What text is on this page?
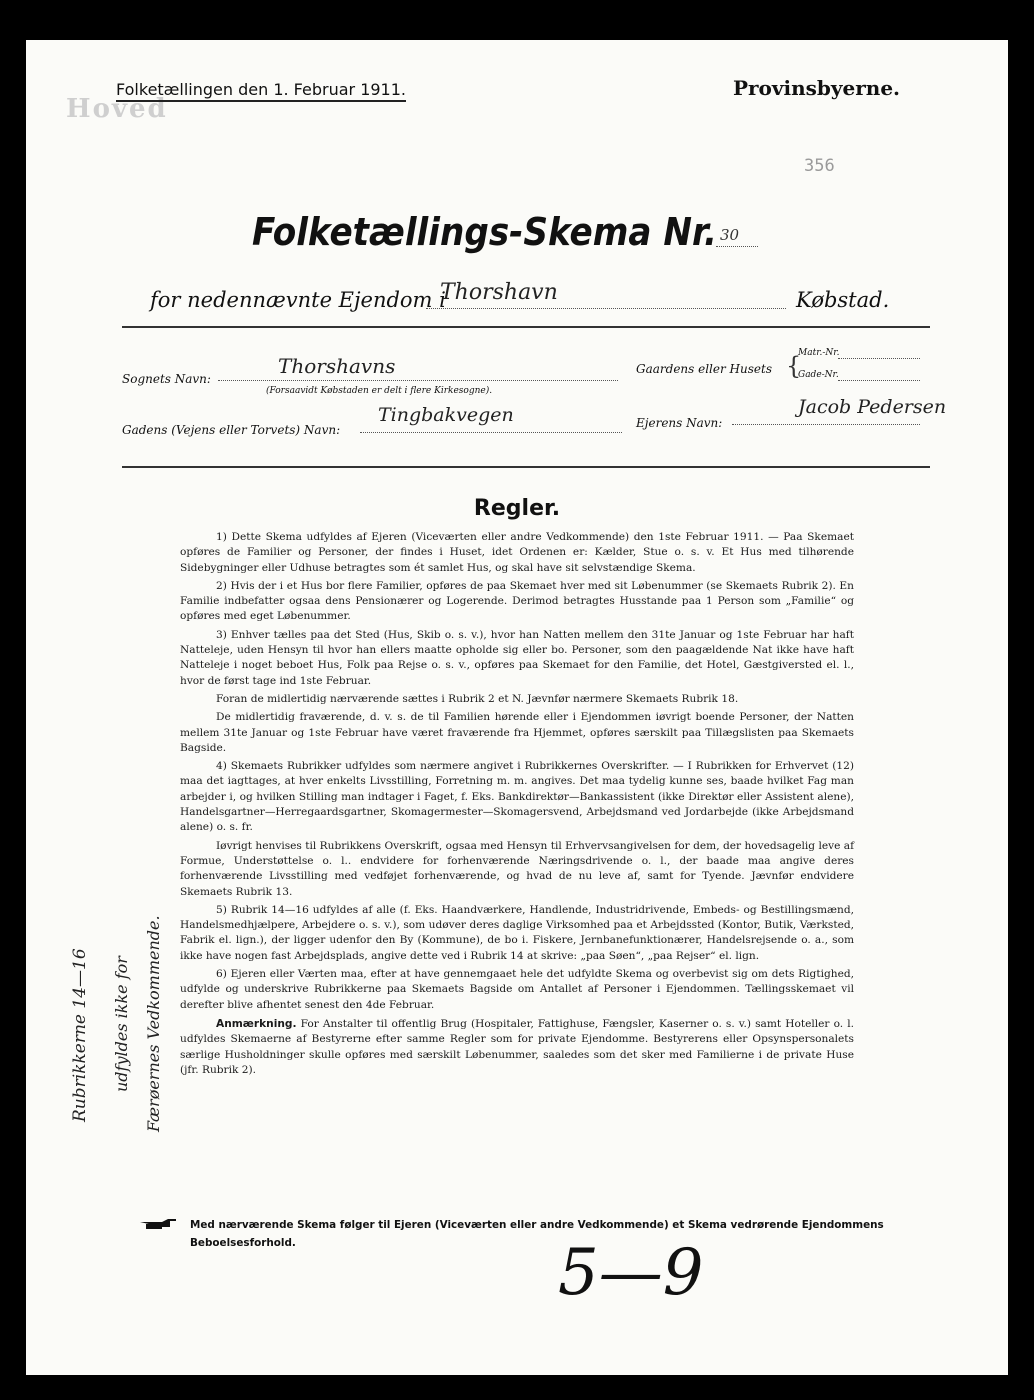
Hoved
Folketællingen den 1. Februar 1911.	Provinsbyerne.
356
Folketællings-Skema Nr. 30
for nedennævnte Ejendom i
Thorshavn	Købstad.
Sognets Navn:
Thorshavns
(Forsaavidt Købstaden er delt i flere Kirkesogne).
Gaardens eller Husets {
Matr.-Nr.
Gade-Nr.
Gadens (Vejens eller Torvets) Navn:
Tingbakvegen	Ejerens Navn:
Jacob Pedersen
Regler.

1) Dette Skema udfyldes af Ejeren (Viceværten eller andre Vedkommende) den 1ste Februar 1911. — Paa Skemaet opføres de Familier og Personer, der findes i Huset, idet Ordenen er: Kælder, Stue o. s. v. Et Hus med tilhørende Sidebygninger eller Udhuse betragtes som ét samlet Hus, og skal have sit selvstændige Skema.

2) Hvis der i et Hus bor flere Familier, opføres de paa Skemaet hver med sit Løbenummer (se Skemaets Rubrik 2). En Familie indbefatter ogsaa dens Pensionærer og Logerende. Derimod betragtes Husstande paa 1 Person som „Familie“ og opføres med eget Løbenummer.

3) Enhver tælles paa det Sted (Hus, Skib o. s. v.), hvor han Natten mellem den 31te Januar og 1ste Februar har haft Natteleje, uden Hensyn til hvor han ellers maatte opholde sig eller bo. Personer, som den paagældende Nat ikke have haft Natteleje i noget beboet Hus, Folk paa Rejse o. s. v., opføres paa Skemaet for den Familie, det Hotel, Gæstgiversted el. l., hvor de først tage ind 1ste Februar.

Foran de midlertidig nærværende sættes i Rubrik 2 et N. Jævnfør nærmere Skemaets Rubrik 18.

De midlertidig fraværende, d. v. s. de til Familien hørende eller i Ejendommen iøvrigt boende Personer, der Natten mellem 31te Januar og 1ste Februar have været fraværende fra Hjemmet, opføres særskilt paa Tillægslisten paa Skemaets Bagside.

4) Skemaets Rubrikker udfyldes som nærmere angivet i Rubrikkernes Overskrifter. — I Rubrikken for Erhvervet (12) maa det iagttages, at hver enkelts Livsstilling, Forretning m. m. angives. Det maa tydelig kunne ses, baade hvilket Fag man arbejder i, og hvilken Stilling man indtager i Faget, f. Eks. Bankdirektør—Bankassistent (ikke Direktør eller Assistent alene), Handelsgartner—Herregaardsgartner, Skomagermester—Skomagersvend, Arbejdsmand ved Jordarbejde (ikke Arbejdsmand alene) o. s. fr.

Iøvrigt henvises til Rubrikkens Overskrift, ogsaa med Hensyn til Erhvervsangivelsen for dem, der hovedsagelig leve af Formue, Understøttelse o. l.. endvidere for forhenværende Næringsdrivende o. l., der baade maa angive deres forhenværende Livsstilling med vedføjet forhenværende, og hvad de nu leve af, samt for Tyende. Jævnfør endvidere Skemaets Rubrik 13.

5) Rubrik 14—16 udfyldes af alle (f. Eks. Haandværkere, Handlende, Industridrivende, Embeds- og Bestillingsmænd, Handelsmedhjælpere, Arbejdere o. s. v.), som udøver deres daglige Virksomhed paa et Arbejdssted (Kontor, Butik, Værksted, Fabrik el. lign.), der ligger udenfor den By (Kommune), de bo i. Fiskere, Jernbanefunktionærer, Handelsrejsende o. a., som ikke have nogen fast Arbejdsplads, angive dette ved i Rubrik 14 at skrive: „paa Søen“, „paa Rejser“ el. lign.

6) Ejeren eller Værten maa, efter at have gennemgaaet hele det udfyldte Skema og overbevist sig om dets Rigtighed, udfylde og underskrive Rubrikkerne paa Skemaets Bagside om Antallet af Personer i Ejendommen. Tællingsskemaet vil derefter blive afhentet senest den 4de Februar.

Anmærkning. For Anstalter til offentlig Brug (Hospitaler, Fattighuse, Fængsler, Kaserner o. s. v.) samt Hoteller o. l. udfyldes Skemaerne af Bestyrerne efter samme Regler som for private Ejendomme. Bestyrerens eller Opsynspersonalets særlige Husholdninger skulle opføres med særskilt Løbenummer, saaledes som det sker med Familierne i de private Huse (jfr. Rubrik 2).

Rubrikkerne 14—16 udfyldes ikke for Færøernes Vedkommende.
Med nærværende Skema følger til Ejeren (Viceværten eller andre Vedkommende) et Skema vedrørende Ejendommens Beboelsesforhold.	5—9
